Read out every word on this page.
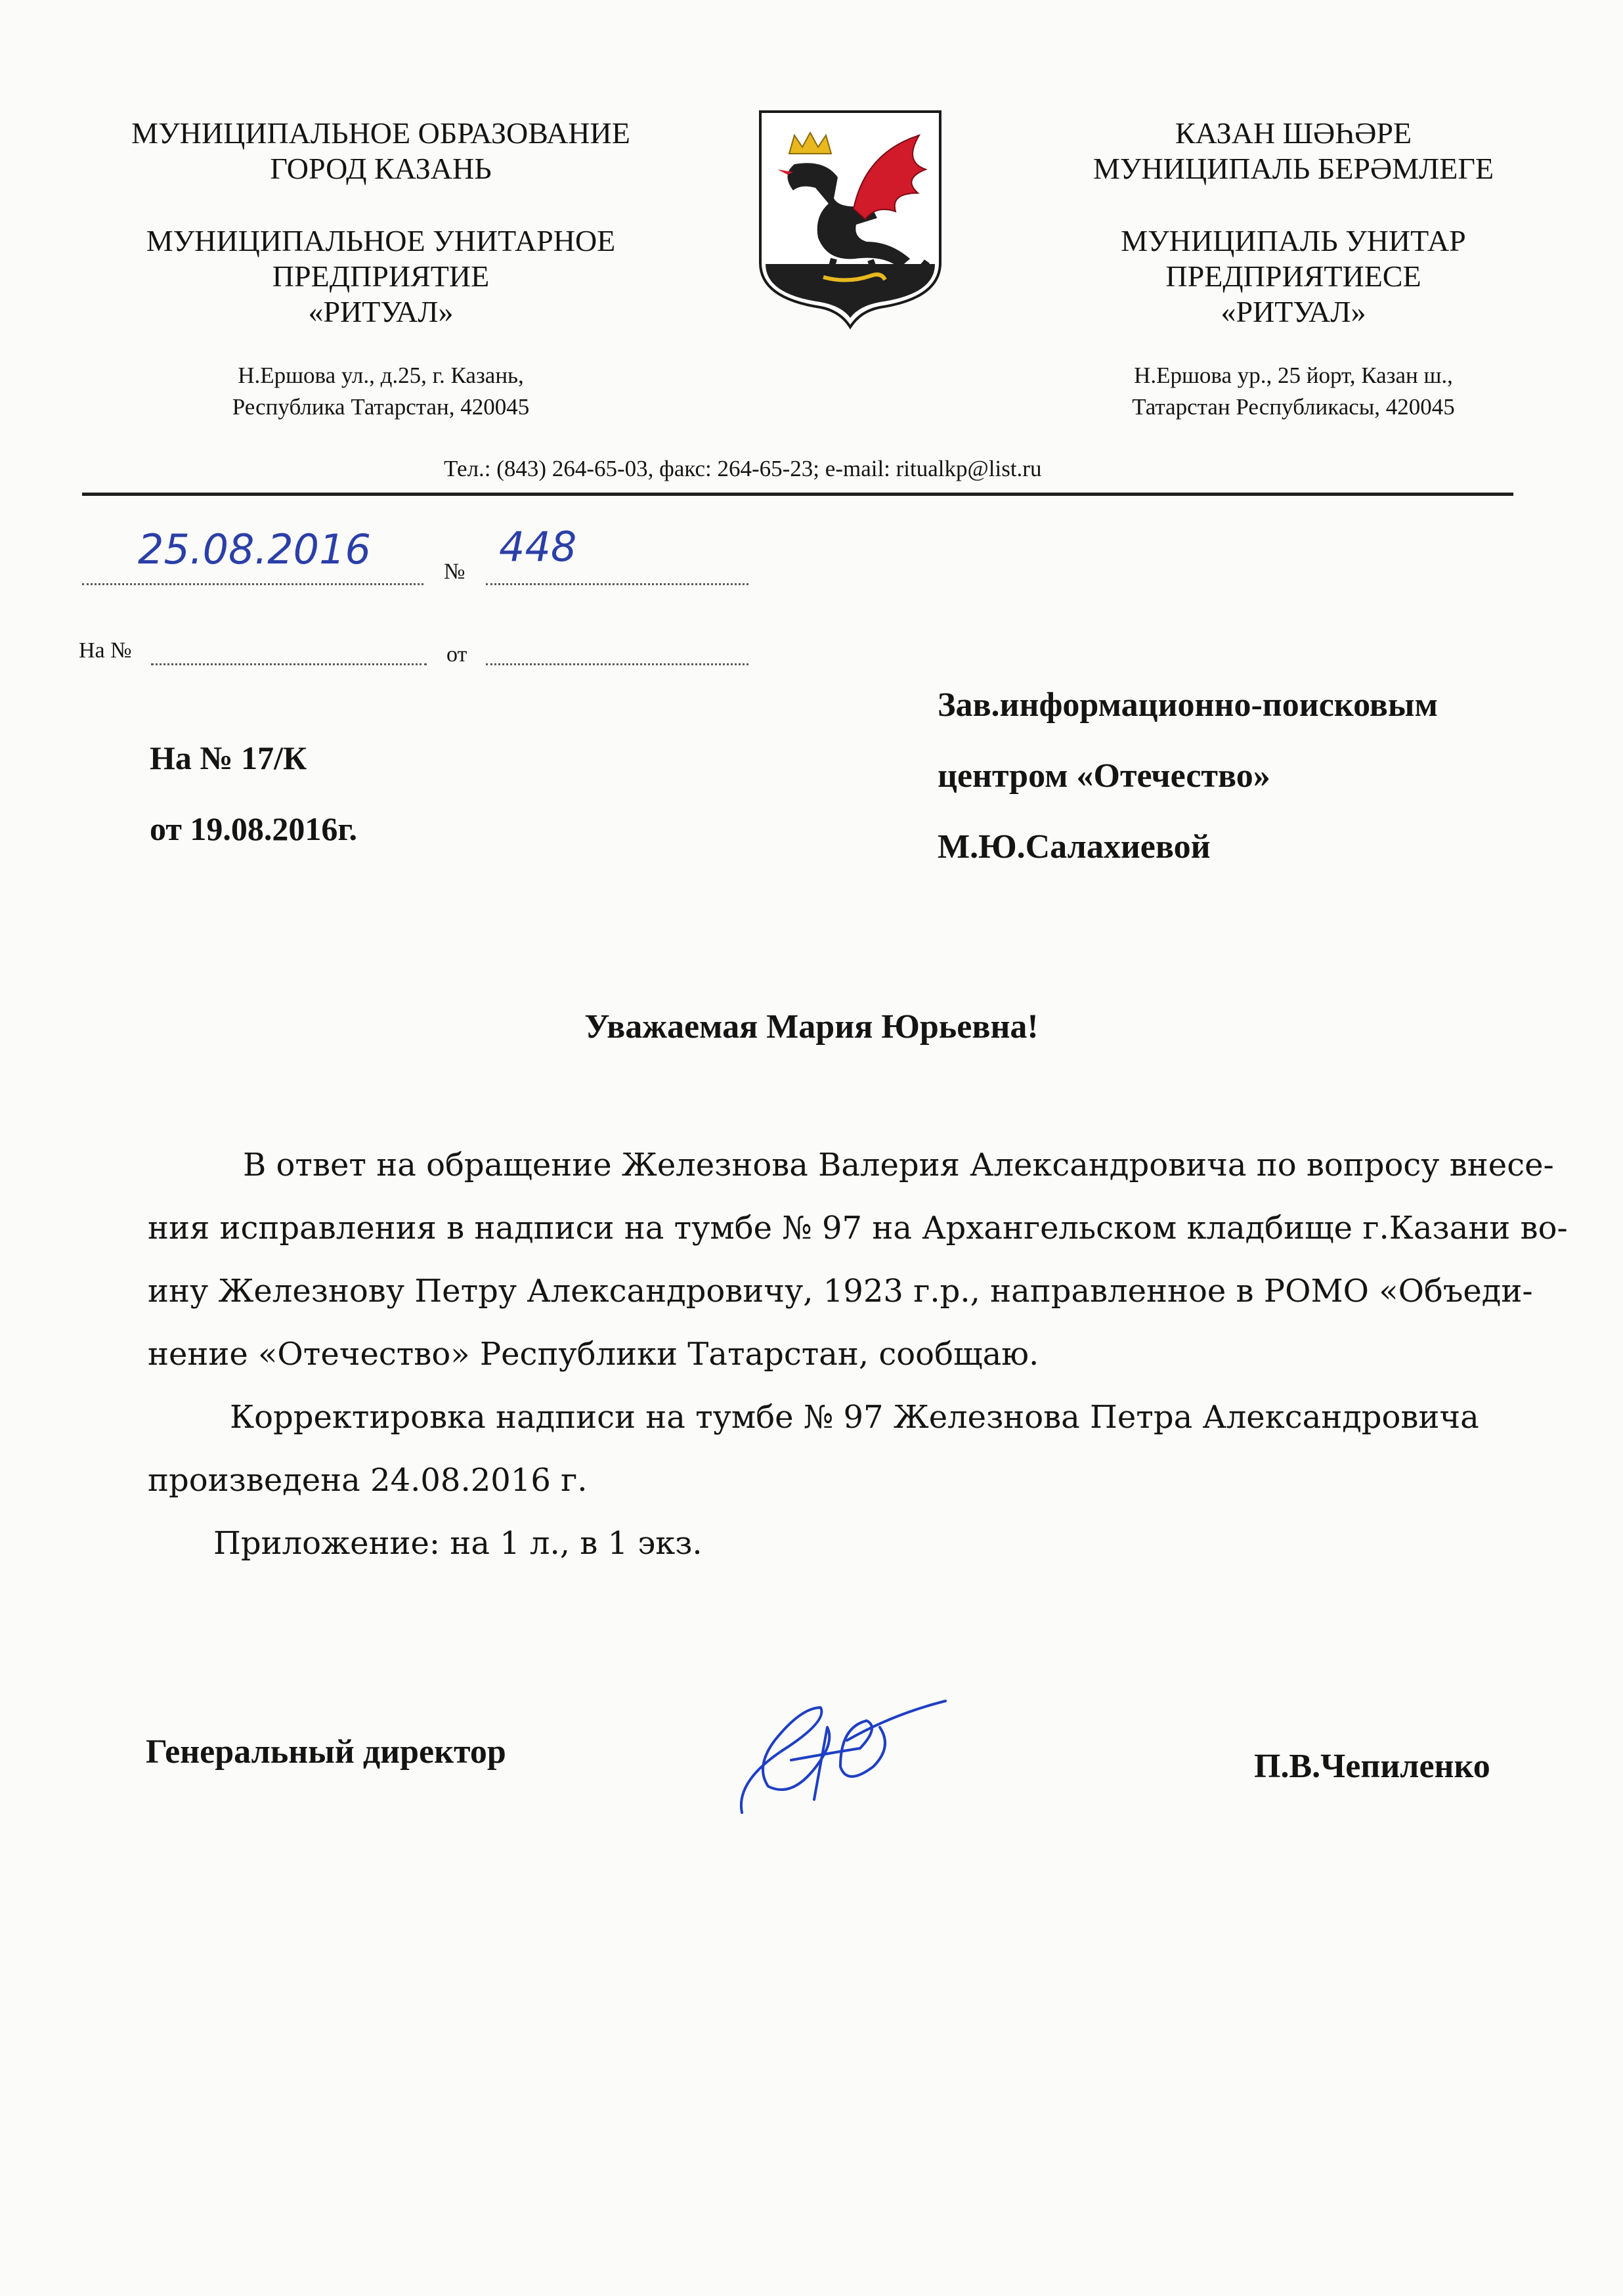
МУНИЦИПАЛЬНОЕ ОБРАЗОВАНИЕ
ГОРОД КАЗАНЬ
МУНИЦИПАЛЬНОЕ УНИТАРНОЕ
ПРЕДПРИЯТИЕ
«РИТУАЛ»
Н.Ершова ул., д.25, г. Казань,
Республика Татарстан, 420045
КАЗАН ШӘҺӘРЕ
МУНИЦИПАЛЬ БЕРӘМЛЕГЕ
МУНИЦИПАЛЬ УНИТАР
ПРЕДПРИЯТИЕСЕ
«РИТУАЛ»
Н.Ершова ур., 25 йорт, Казан ш.,
Татарстан Республикасы, 420045
Тел.: (843) 264-65-03, факс: 264-65-23; e-mail: ritualkp@list.ru
25.08.2016	№
448
На №	от
На № 17/К
от 19.08.2016г.
Зав.информационно-поисковым
центром «Отечество»
М.Ю.Салахиевой
Уважаемая Мария Юрьевна!

В ответ на обращение Железнова Валерия Александровича по вопросу внесе-

ния исправления в надписи на тумбе № 97 на Архангельском кладбище г.Казани во-

ину Железнову Петру Александровичу, 1923 г.р., направленное в РОМО «Объеди-

нение «Отечество» Республики Татарстан, сообщаю.

Корректировка надписи на тумбе № 97 Железнова Петра Александровича

произведена 24.08.2016 г.

Приложение: на 1 л., в 1 экз.

Генеральный директор	П.В.Чепиленко
